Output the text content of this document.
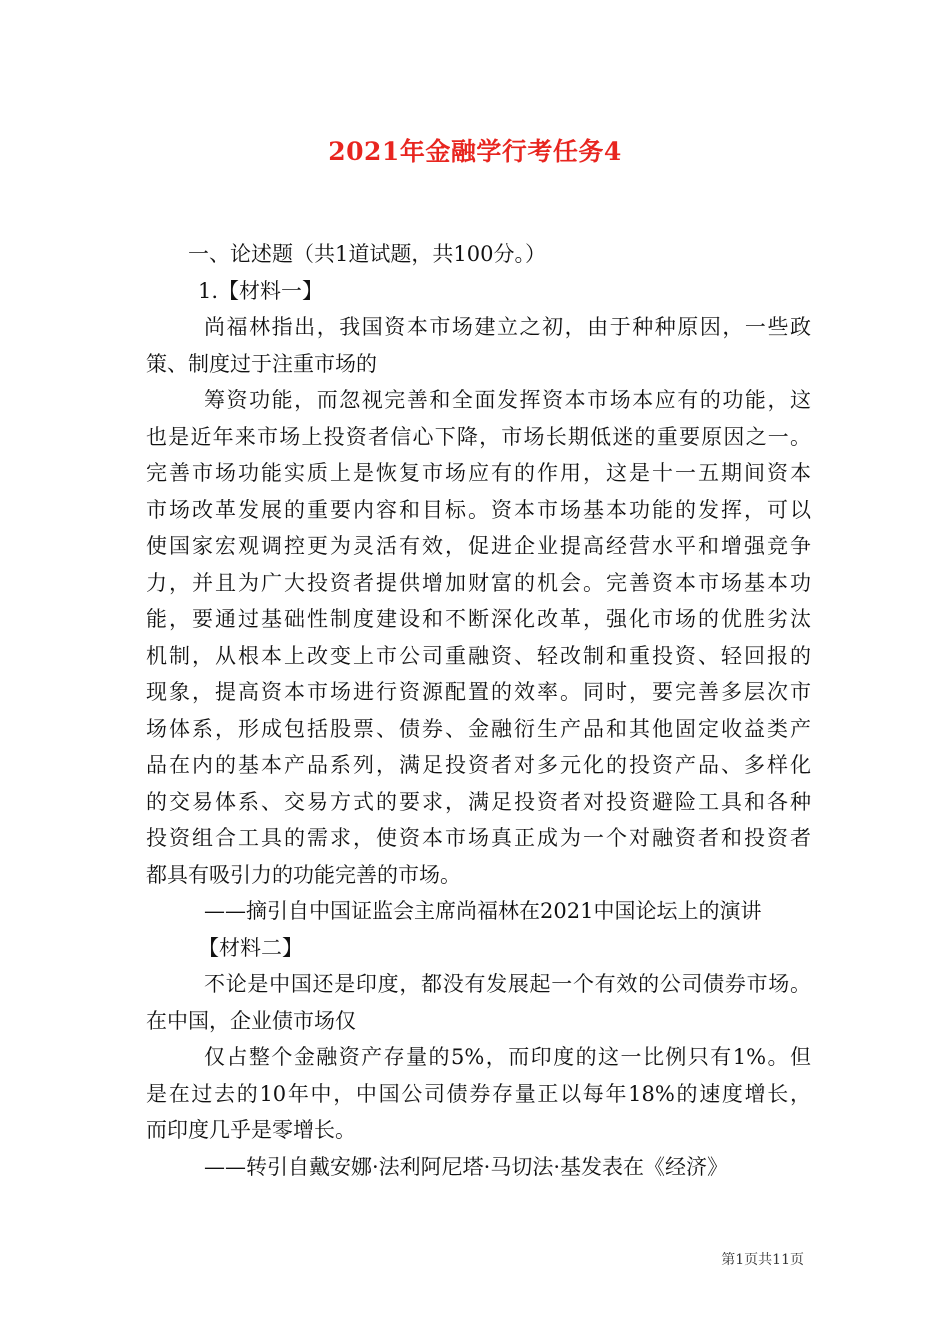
2021年金融学行考任务4
一、论述题（共1道试题，共100分。）
1.【材料一】
尚福林指出，我国资本市场建立之初，由于种种原因，一些政
策、制度过于注重市场的
筹资功能，而忽视完善和全面发挥资本市场本应有的功能，这
也是近年来市场上投资者信心下降，市场长期低迷的重要原因之一。
完善市场功能实质上是恢复市场应有的作用，这是十一五期间资本
市场改革发展的重要内容和目标。资本市场基本功能的发挥，可以
使国家宏观调控更为灵活有效，促进企业提高经营水平和增强竞争
力，并且为广大投资者提供增加财富的机会。完善资本市场基本功
能，要通过基础性制度建设和不断深化改革，强化市场的优胜劣汰
机制，从根本上改变上市公司重融资、轻改制和重投资、轻回报的
现象，提高资本市场进行资源配置的效率。同时，要完善多层次市
场体系，形成包括股票、债券、金融衍生产品和其他固定收益类产
品在内的基本产品系列，满足投资者对多元化的投资产品、多样化
的交易体系、交易方式的要求，满足投资者对投资避险工具和各种
投资组合工具的需求，使资本市场真正成为一个对融资者和投资者
都具有吸引力的功能完善的市场。
——摘引自中国证监会主席尚福林在2021中国论坛上的演讲
【材料二】
不论是中国还是印度，都没有发展起一个有效的公司债券市场。
在中国，企业债市场仅
仅占整个金融资产存量的5%，而印度的这一比例只有1%。但
是在过去的10年中，中国公司债券存量正以每年18%的速度增长，
而印度几乎是零增长。
——转引自戴安娜·法利阿尼塔·马切法·基发表在《经济》
第1页共11页
